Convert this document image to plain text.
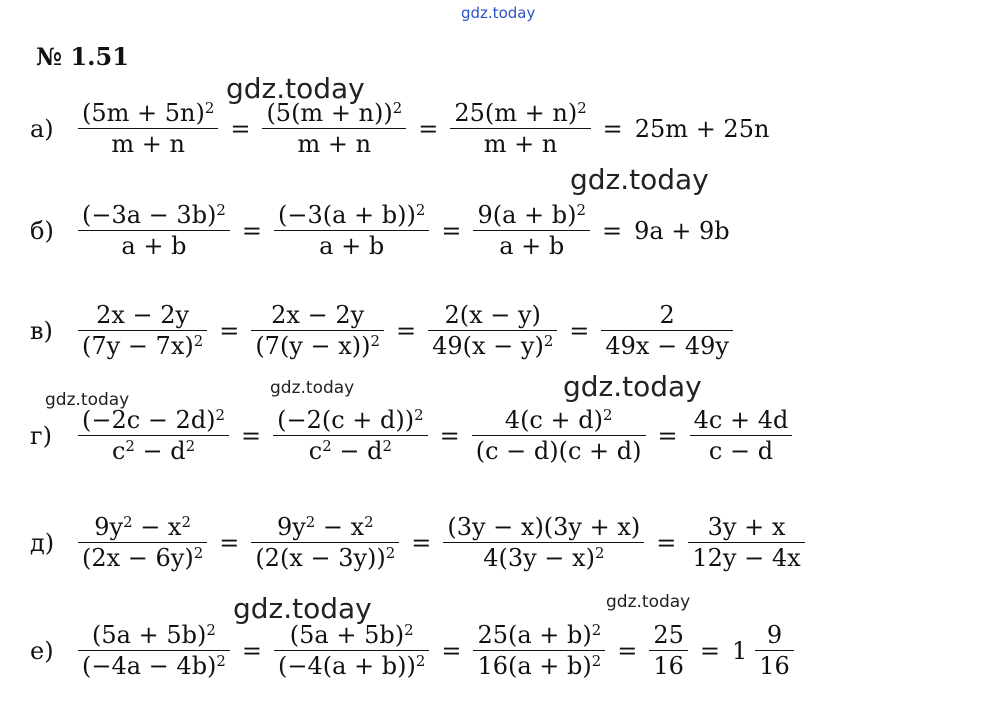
gdz.today
gdz.today
gdz.today
gdz.today
gdz.today	gdz.today
gdz.today	gdz.today
№ 1.51
а)	$\frac{(5m + 5n)^2}{m + n} = \frac{(5(m + n))^2}{m + n} = \frac{25(m + n)^2}{m + n} = 25m + 25n$
б)	$\frac{(-3a - 3b)^2}{a + b} = \frac{(-3(a + b))^2}{a + b} = \frac{9(a + b)^2}{a + b} = 9a + 9b$
в)	$\frac{2x - 2y}{(7y - 7x)^2} = \frac{2x - 2y}{(7(y - x))^2} = \frac{2(x - y)}{49(x - y)^2} = \frac{2}{49x - 49y}$
г)	$\frac{(-2c - 2d)^2}{c^2 - d^2} = \frac{(-2(c + d))^2}{c^2 - d^2} = \frac{4(c + d)^2}{(c - d)(c + d)} = \frac{4c + 4d}{c - d}$
$д) \frac{9y^2 - x^2}{(2x - 6y)^2} = \frac{9y^2 - x^2}{(2(x - 3y))^2} = \frac{(3y - x)(3y + x)}{4(3y - x)^2} = \frac{3y + x}{12y - 4x}$
е)	$\frac{(5a + 5b)^2}{(-4a - 4b)^2} = \frac{(5a + 5b)^2}{(-4(a + b))^2} = \frac{25(a + b)^2}{16(a + b)^2} = \frac{25}{16} = 1 \frac{9}{16}$
